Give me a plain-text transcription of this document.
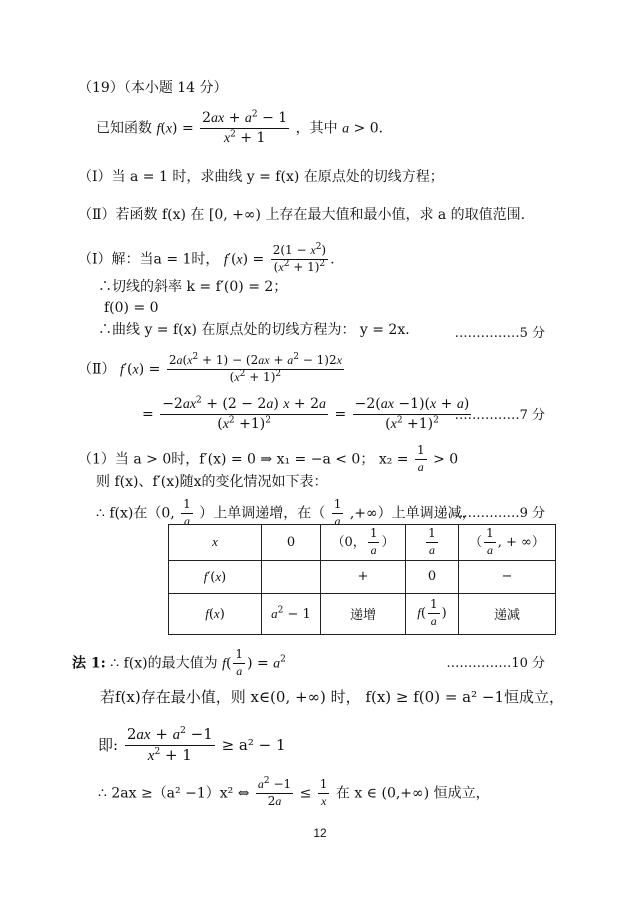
（19）（本小题 14 分）
已知函数 $f(x) = \frac{2ax + a^2 - 1}{x^2 + 1}$ ，其中 a > 0．
（Ⅰ）当 a = 1 时，求曲线 y = f(x) 在原点处的切线方程；
（Ⅱ）若函数 f(x) 在 [0, +∞) 上存在最大值和最小值，求 a 的取值范围.
（Ⅰ）解：当a = 1时， $f'(x) = \frac{2(1 - x^2)}{(x^2 + 1)^2}$ .
∴切线的斜率 k = f′(0) = 2；
f(0) = 0
∴曲线 y = f(x) 在原点处的切线方程为： y = 2x．	……………5 分
（Ⅱ） $f'(x) = \frac{2a(x^2 + 1) - (2ax + a^2 - 1)2x}{(x^2 + 1)^2}$
= $\frac{-2ax^2 + (2 - 2a) x + 2a}{(x^2 +1)^2} = \frac{-2(ax -1)(x + a)}{(x^2 +1)^2}$
……………7 分
（1）当 a > 0时，f′(x) = 0 ⇒ x₁ = −a < 0； $x_2 = \frac{1}{a} > 0$
则 f(x)、f′(x)随x的变化情况如下表：
∴ f(x)在（0, $\frac{1}{a}$ ）上单调递增，在（ $\frac{1}{a}$ ,+∞）上单调递减，
……………9 分
x	0	（0， $\frac{1}{a}$ ）	$\frac{1}{a}$	（ $\frac{1}{a}$ , + ∞）
f′(x)		+	0	−
f(x)	$a^2 - 1$	递增	$f( \frac{1}{a}$ )	递减
法 1: ∴ f(x)的最大值为 $f( \frac{1}{a}$ ) = $a^2$	……………10 分
若f(x)存在最小值，则 x∈(0, +∞) 时， f(x) ≥ f(0) = a² −1恒成立，
即: $\frac{2ax + a^2 -1}{x^2 + 1} \ge a^2 - 1$
∴ 2ax ≥（a² −1）x² ⇔ $\frac{a^2 -1}{2a} \le \frac{1}{x}$ 在 x ∈ (0,+∞) 恒成立，
12
